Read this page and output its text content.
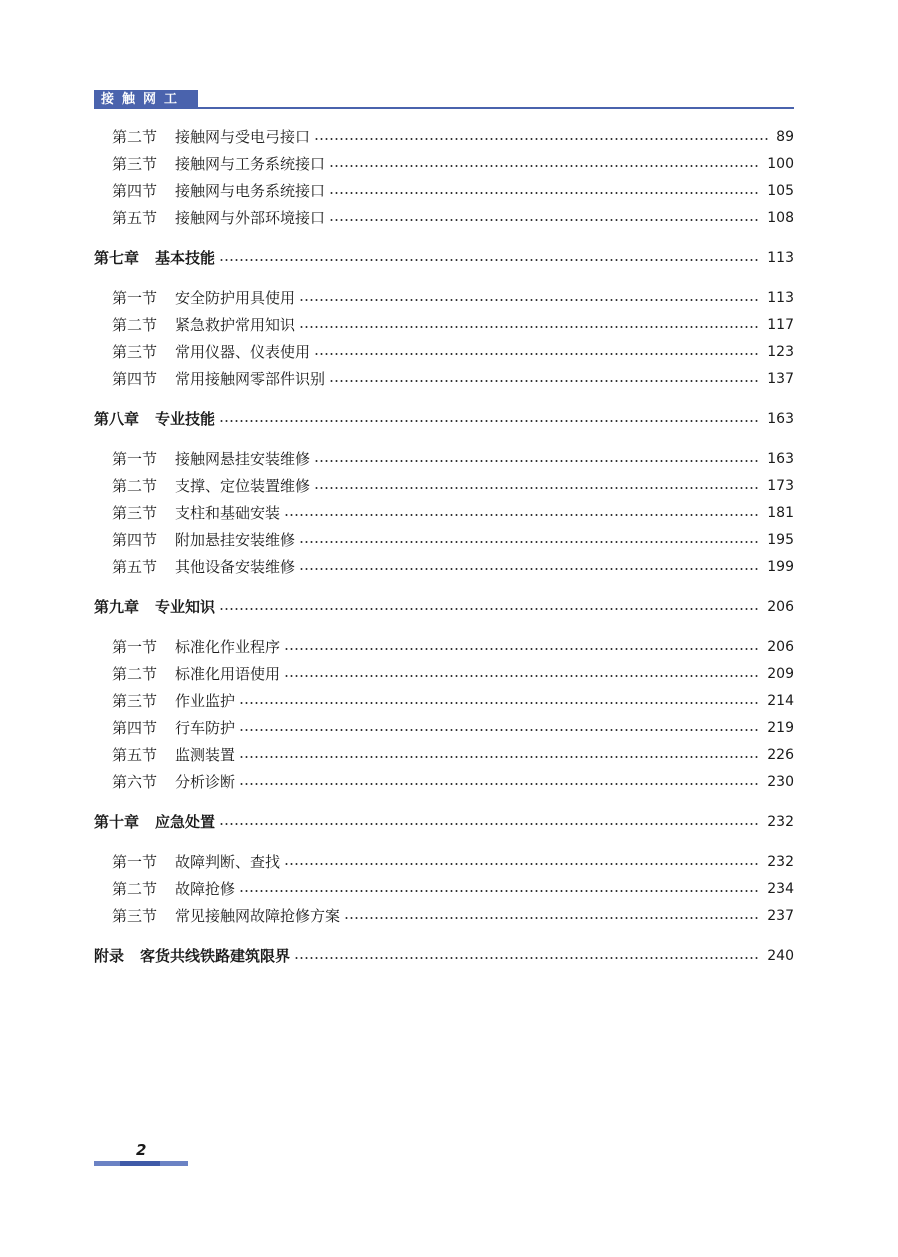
接触网工
第二节 接触网与受电弓接口	89
第三节 接触网与工务系统接口	100
第四节 接触网与电务系统接口	105
第五节 接触网与外部环境接口	108
第七章 基本技能	113
第一节 安全防护用具使用	113
第二节 紧急救护常用知识	117
第三节 常用仪器、仪表使用	123
第四节 常用接触网零部件识别	137
第八章 专业技能	163
第一节 接触网悬挂安装维修	163
第二节 支撑、定位装置维修	173
第三节 支柱和基础安装	181
第四节 附加悬挂安装维修	195
第五节 其他设备安装维修	199
第九章 专业知识	206
第一节 标准化作业程序	206
第二节 标准化用语使用	209
第三节 作业监护	214
第四节 行车防护	219
第五节 监测装置	226
第六节 分析诊断	230
第十章 应急处置	232
第一节 故障判断、查找	232
第二节 故障抢修	234
第三节 常见接触网故障抢修方案	237
附录 客货共线铁路建筑限界	240
2
